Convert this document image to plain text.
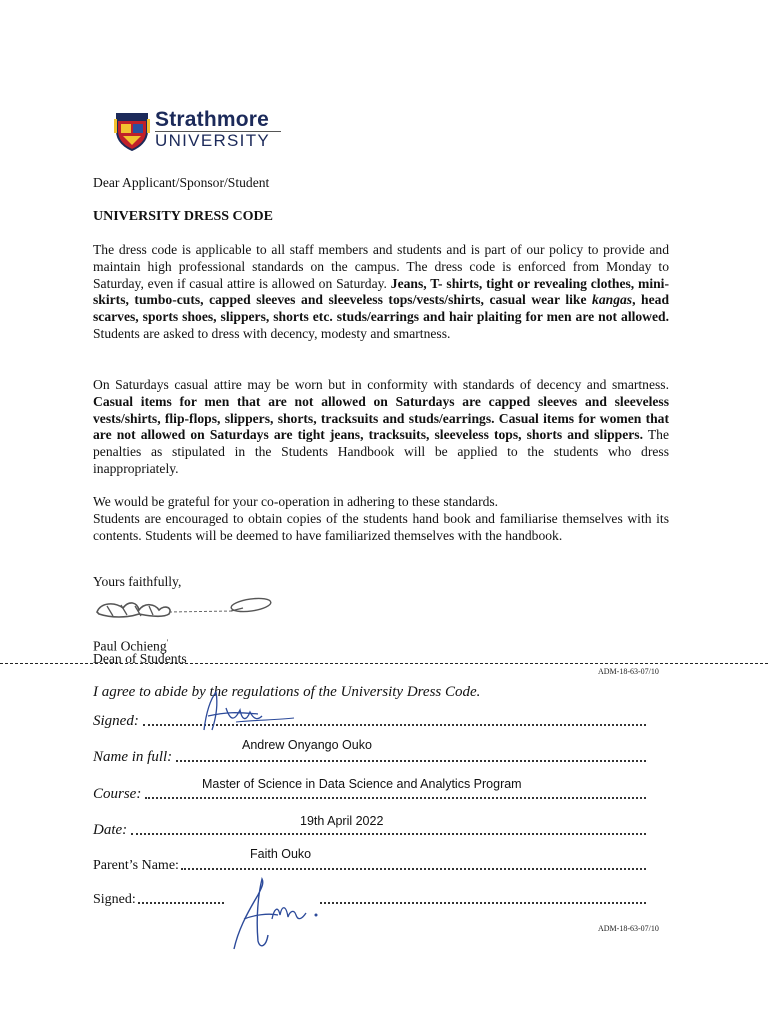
Strathmore
UNIVERSITY
Dear Applicant/Sponsor/Student
UNIVERSITY DRESS CODE
The dress code is applicable to all staff members and students and is part of our policy to provide and maintain high professional standards on the campus. The dress code is enforced from Monday to Saturday, even if casual attire is allowed on Saturday. Jeans, T- shirts, tight or revealing clothes, mini- skirts, tumbo-cuts, capped sleeves and sleeveless tops/vests/shirts, casual wear like kangas, head scarves, sports shoes, slippers, shorts etc. studs/earrings and hair plaiting for men are not allowed. Students are asked to dress with decency, modesty and smartness.
On Saturdays casual attire may be worn but in conformity with standards of decency and smartness. Casual items for men that are not allowed on Saturdays are capped sleeves and sleeveless vests/shirts, flip-flops, slippers, shorts, tracksuits and studs/earrings. Casual items for women that are not allowed on Saturdays are tight jeans, tracksuits, sleeveless tops, shorts and slippers. The penalties as stipulated in the Students Handbook will be applied to the students who dress inappropriately.
We would be grateful for your co-operation in adhering to these standards.
Students are encouraged to obtain copies of the students hand book and familiarise themselves with its contents. Students will be deemed to have familiarized themselves with the handbook.
Yours faithfully,
Paul Ochieng'
Dean of Students
ADM-18-63-07/10
I agree to abide by the regulations of the University Dress Code.
Signed:
Andrew Onyango Ouko
Name in full:
Master of Science in Data Science and Analytics Program
Course:
19th April 2022
Date:
Faith Ouko
Parent’s Name:
Signed:
ADM-18-63-07/10
